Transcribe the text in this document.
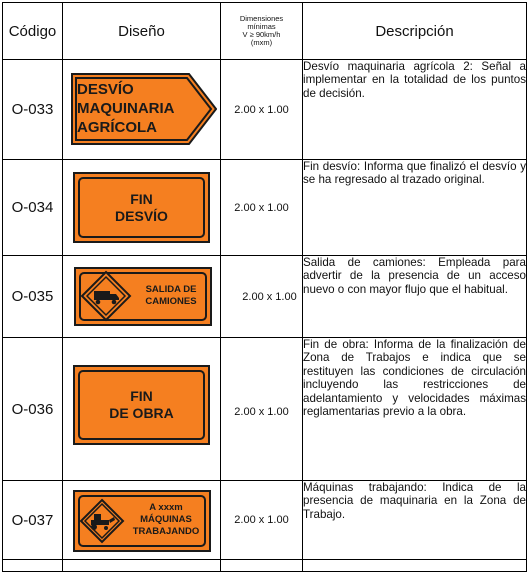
Código	Diseño	Dimensiones
mínimas
V ≥ 90km/h
(mxm)	Descripción
O-033	DESVÍO
MAQUINARIA
AGRÍCOLA	2.00 x 1.00	Desvío maquinaria agrícola 2: Señal a implementar en la totalidad de los puntos de decisión.
O-034	FIN
DESVÍO	2.00 x 1.00	Fin desvío: Informa que finalizó el desvío y se ha regresado al trazado original.
O-035	SALIDA DE
CAMIONES	2.00 x 1.00	Salida de camiones: Empleada para advertir de la presencia de un acceso nuevo o con mayor flujo que el habitual.
O-036	FIN
DE OBRA	2.00 x 1.00	Fin de obra: Informa de la finalización de Zona de Trabajos e indica que se restituyen las condiciones de circulación incluyendo las restricciones de adelantamiento y velocidades máximas reglamentarias previo a la obra.
O-037	A xxxm
MÁQUINAS
TRABAJANDO	2.00 x 1.00	Máquinas trabajando: Indica de la presencia de maquinaria en la Zona de Trabajo.
